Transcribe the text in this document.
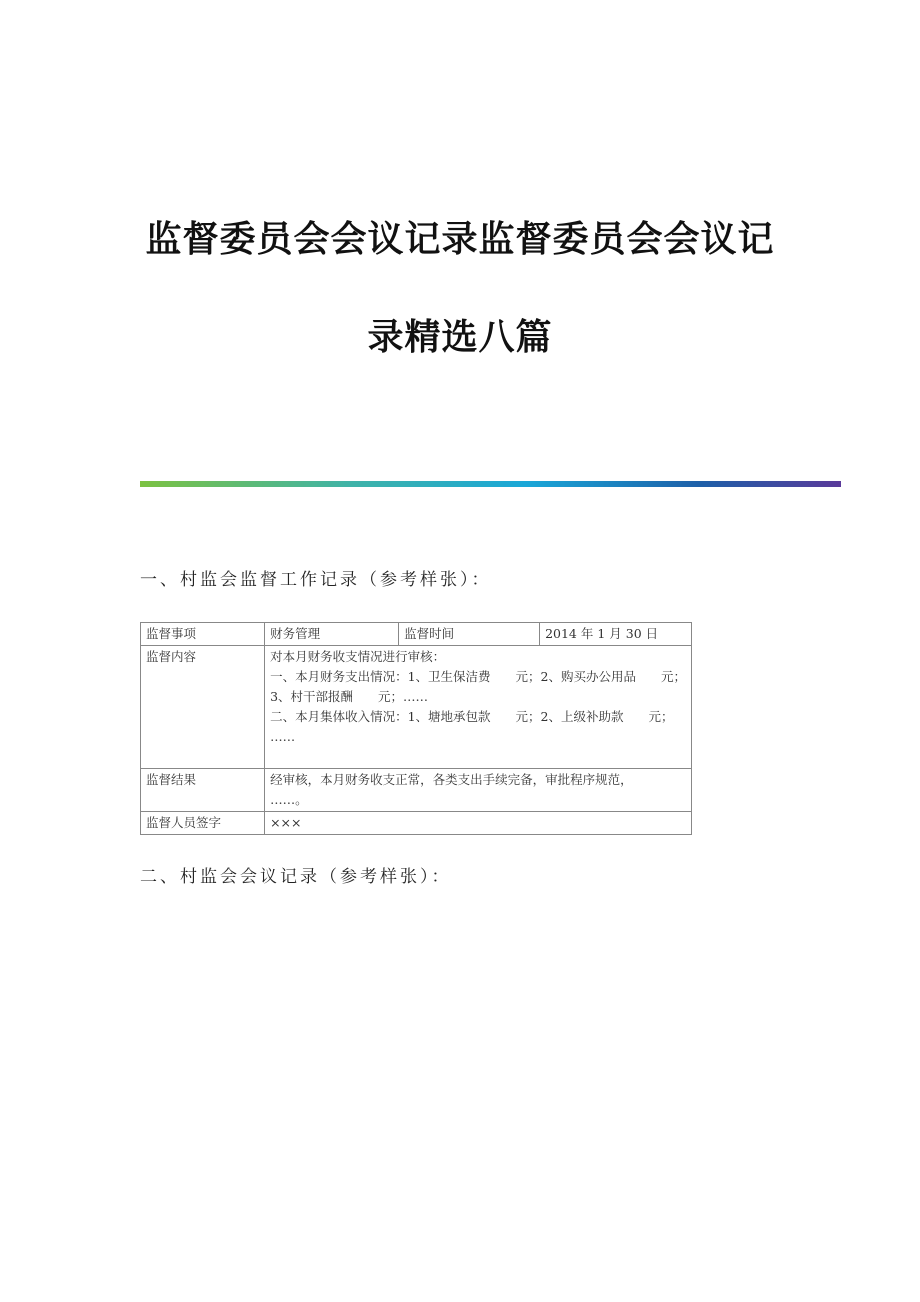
监督委员会会议记录监督委员会会议记
录精选八篇
一、村监会监督工作记录（参考样张）：
监督事项	财务管理	监督时间	2014 年 1 月 30 日
监督内容	对本月财务收支情况进行审核：
一、本月财务支出情况：1、卫生保洁费　　元；2、购买办公用品　　元；
3、村干部报酬　　元；……
二、本月集体收入情况：1、塘地承包款　　元；2、上级补助款　　元；
……		

监督结果	经审核，本月财务收支正常，各类支出手续完备，审批程序规范，
……。		

监督人员签字	×××		
二、村监会会议记录（参考样张）：
